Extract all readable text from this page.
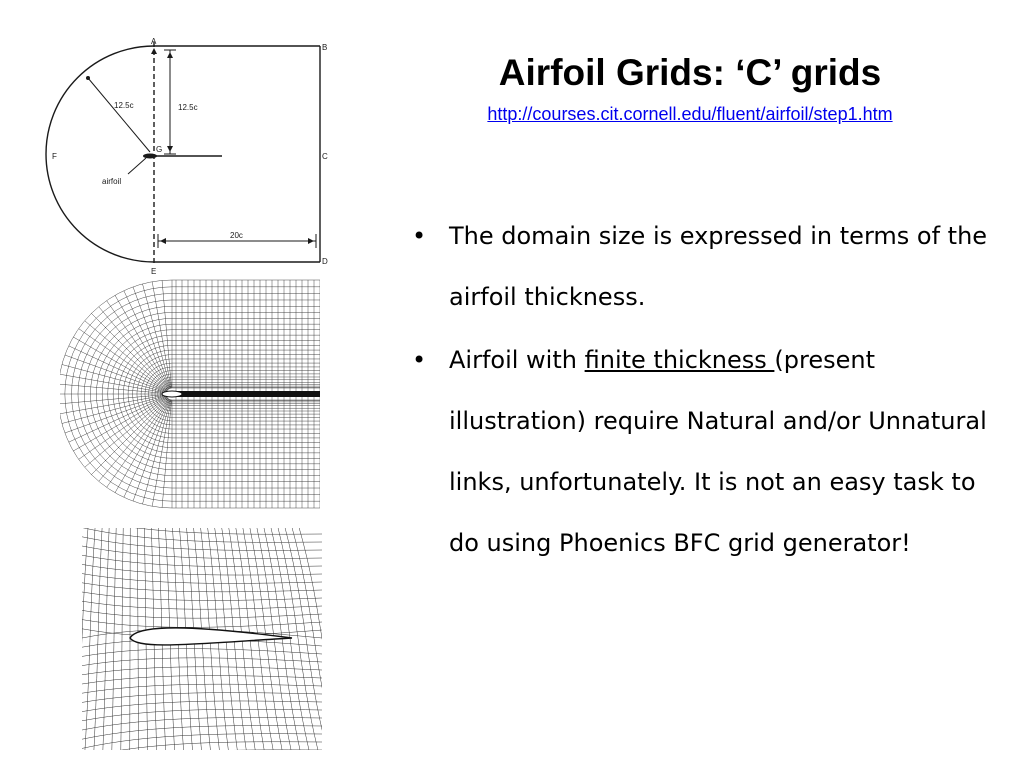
A
B
C
D
E
F
G
12.5c	12.5c
20c
airfoil
Airfoil Grids: ‘C’ grids
http://courses.cit.cornell.edu/fluent/airfoil/step1.htm
• The domain size is expressed in terms of the airfoil thickness.
• Airfoil with finite thickness (present illustration) require Natural and/or Unnatural links, unfortunately. It is not an easy task to do using Phoenics BFC grid generator!
